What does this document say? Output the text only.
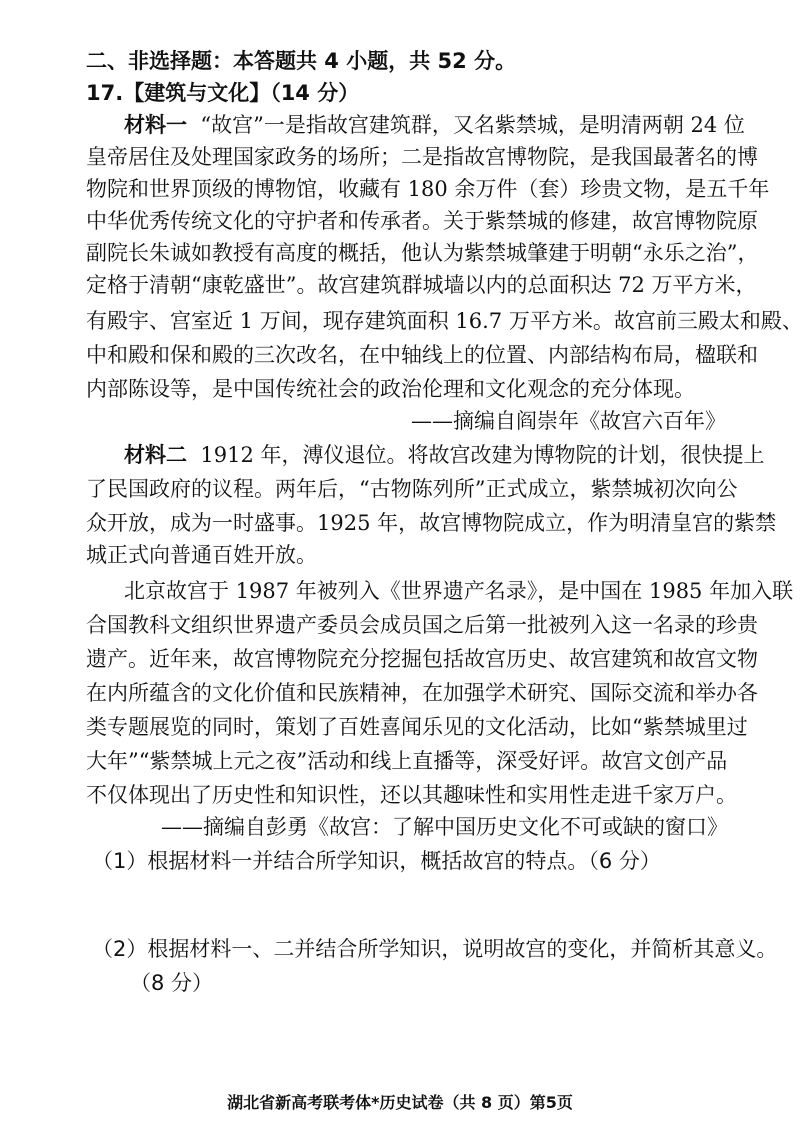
二、非选择题：本答题共 4 小题，共 52 分。
17.【建筑与文化】（14 分）
材料一 “故宫”一是指故宫建筑群，又名紫禁城，是明清两朝 24 位
皇帝居住及处理国家政务的场所；二是指故宫博物院，是我国最著名的博
物院和世界顶级的博物馆，收藏有 180 余万件（套）珍贵文物，是五千年
中华优秀传统文化的守护者和传承者。关于紫禁城的修建，故宫博物院原
副院长朱诚如教授有高度的概括，他认为紫禁城肇建于明朝“永乐之治”，
定格于清朝“康乾盛世”。故宫建筑群城墙以内的总面积达 72 万平方米，
有殿宇、宫室近 1 万间，现存建筑面积 16.7 万平方米。故宫前三殿太和殿、
中和殿和保和殿的三次改名，在中轴线上的位置、内部结构布局，楹联和
内部陈设等，是中国传统社会的政治伦理和文化观念的充分体现。
——摘编自阎崇年《故宫六百年》
材料二 1912 年，溥仪退位。将故宫改建为博物院的计划，很快提上
了民国政府的议程。两年后，“古物陈列所”正式成立，紫禁城初次向公
众开放，成为一时盛事。1925 年，故宫博物院成立，作为明清皇宫的紫禁
城正式向普通百姓开放。
北京故宫于 1987 年被列入《世界遗产名录》，是中国在 1985 年加入联
合国教科文组织世界遗产委员会成员国之后第一批被列入这一名录的珍贵
遗产。近年来，故宫博物院充分挖掘包括故宫历史、故宫建筑和故宫文物
在内所蕴含的文化价值和民族精神，在加强学术研究、国际交流和举办各
类专题展览的同时，策划了百姓喜闻乐见的文化活动，比如“紫禁城里过
大年”“紫禁城上元之夜”活动和线上直播等，深受好评。故宫文创产品
不仅体现出了历史性和知识性，还以其趣味性和实用性走进千家万户。
——摘编自彭勇《故宫：了解中国历史文化不可或缺的窗口》
（1）根据材料一并结合所学知识，概括故宫的特点。（6 分）
（2）根据材料一、二并结合所学知识，说明故宫的变化，并简析其意义。
（8 分）
湖北省新高考联考体*历史试卷（共 8 页）第5页
